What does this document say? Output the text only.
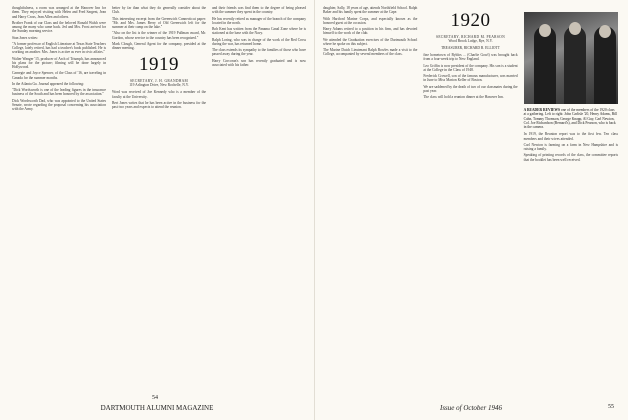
thoughtfulness, a room was arranged at the Hanover Inn for them. They enjoyed visiting with Helen and Fred Sargent, Jean and Harry Cross, Jean Allen and others.

Brother Frank of our Class and the beloved Ronald Walsh were among the many who came back. Jed and Mrs. Frost arrived for the Sunday morning service.

Stan Jones writes:

"A former professor of English Literature at Texas State Teachers College, lately retired, has had a teacher's book published. He is working on another. Mrs. Jones is active as ever in civic affairs."

Walter Wanger '15, producer of Arch of Triumph, has announced his plans for the picture; filming will be done largely in Hollywood.

Carnegie and Joyce Spencer, of the Class of '16, are traveling in Canada for the summer months.

In the Atlanta Ga. Journal appeared the following:

"Dick Wordsworth is one of the leading figures in the insurance business of the South and has been honored by the association."

Dick Wordsworth Dad, who was appointed to the United States Senate, wrote regarding the proposal concerning his association with the Army.

better by far than what they do generally consider about the Club.

This interesting excerpt from the Greenwich Connecticut paper: "Mr. and Mrs. James Berry of Old Greenwich left for the summer at their camp on the lake."

"Also on the list is the winner of the 1919 Pullman award, Mr. Gordon, whose service to the country has been recognized."

Mark Clough, General Agent for the company, presided at the dinner meeting.

1919

SECRETARY, J. H. GRANDHAM

119 Arlington Drive, New Rochelle, N.Y.

Word was received of Joe Kennedy who is a member of the faculty at the University.

Bert Jones writes that he has been active in the business for the past two years and expects to attend the reunion.

and their friends was find them to the degree of being pleased with the summer they spent in the country.

He has recently retired as manager of the branch of the company located in the north.

Bob Kent has written from the Panama Canal Zone where he is stationed at the base with the Navy.

Ralph Loring, who was in charge of the work of the Red Cross during the war, has returned home.

The class extends its sympathy to the families of those who have passed away during the year.

Harry Corcoran's son has recently graduated and is now associated with his father.

daughter, Sally, 18 years of age, attends Northfield School. Ralph Baker and his family spent the summer at the Cape.

With Hartford Marine Corps, and especially known as the honored guest at the occasion.

Harry Adams retired to a position in his firm, and has devoted himself to the work of the club.

We attended the Graduation exercises of the Dartmouth School where he spoke on this subject.

The Marine Dutch Lieutenant Ralph Bowles made a visit to the College, accompanied by several members of the class.

1920

SECRETARY, RICHARD M. PEARSON

Wood Brook Lodge, Rye, N.Y.

TREASURER, RICHARD B. ELLIOTT

fine hometown of Byblos ... (Charlie Gowl) was brought back from a four-week trip to New England.

Leo Griffin is now president of the company. His son is a student at the College in the Class of 1948.

Frederick Crowell, son of the famous manufacturer, was married in June to Miss Marion Keller of Boston.

We are saddened by the death of two of our classmates during the past year.

The class will hold a reunion dinner at the Hanover Inn.

A READER REVIEWS one of the members of the 1920 class at a gathering. Left to right: John Carlisle '20, Henry Adams, Bill Cahn, Tommy Thomson, George Knapp, Al Guy, Carl Newton, Col. Joe Richardson (Bernard's), and Dick Pearson, who is back in the camera.

In 1919, the Reunion report was to the first few. Ten class members and their wives attended.

Carl Newton is farming on a farm in New Hampshire and is raising a family.

Speaking of printing records of the class, the committee reports that the booklet has been well received.

54
DARTMOUTH ALUMNI MAGAZINE	Issue of October 1946	55
